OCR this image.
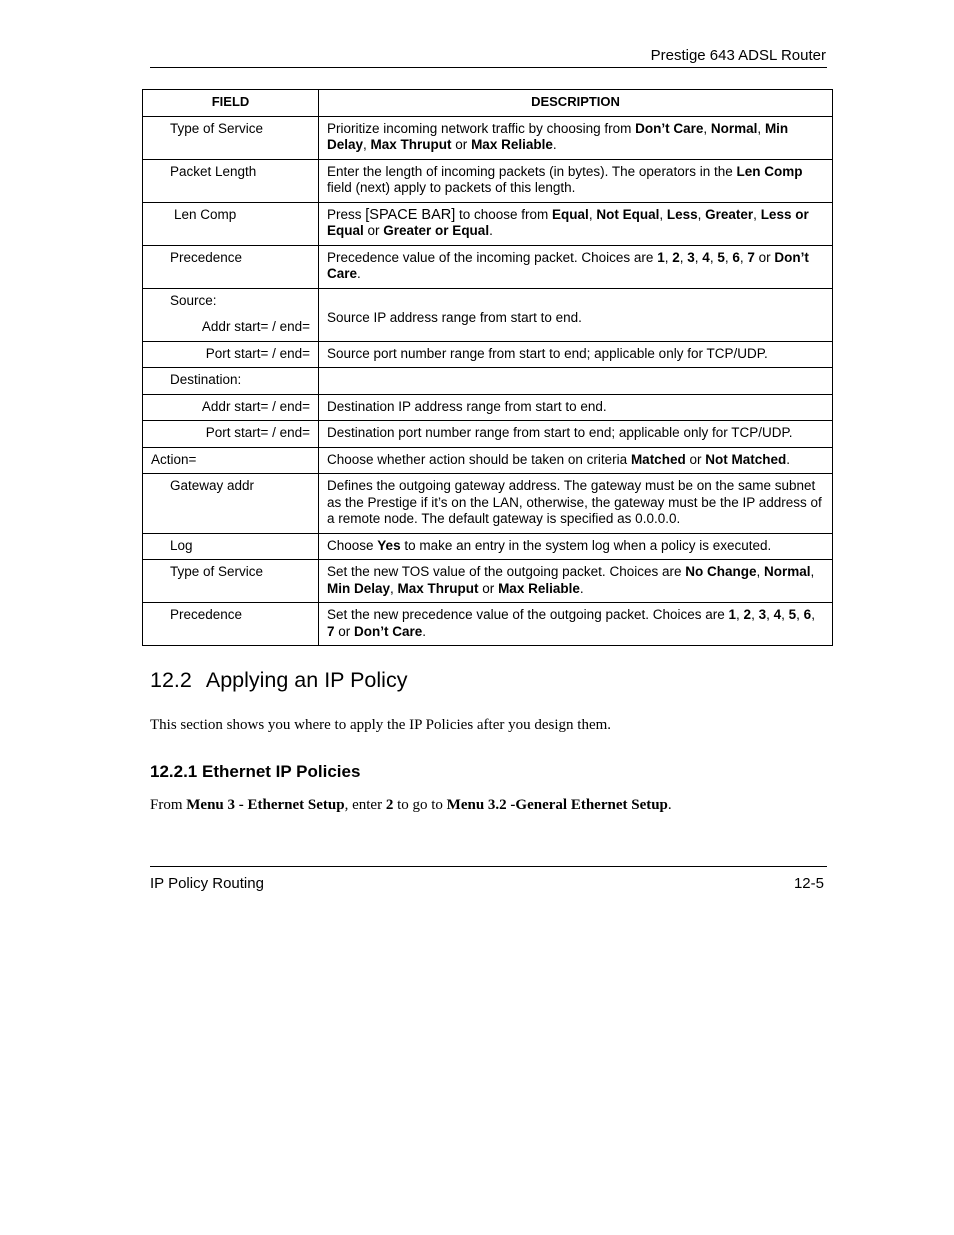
Prestige 643 ADSL Router
FIELD	DESCRIPTION

Type of Service	Prioritize incoming network traffic by choosing from Don’t Care, Normal, Min Delay, Max Thruput or Max Reliable.

Packet Length	Enter the length of incoming packets (in bytes). The operators in the Len Comp field (next) apply to packets of this length.

Len Comp	Press [SPACE BAR] to choose from Equal, Not Equal, Less, Greater, Less or Equal or Greater or Equal.

Precedence	Precedence value of the incoming packet. Choices are 1, 2, 3, 4, 5, 6, 7 or Don’t Care.

Source:
Addr start= / end=	Source IP address range from start to end.

Port start= / end=	Source port number range from start to end; applicable only for TCP/UDP.

Destination:	

Addr start= / end=	Destination IP address range from start to end.

Port start= / end=	Destination port number range from start to end; applicable only for TCP/UDP.
Action=	Choose whether action should be taken on criteria Matched or Not Matched.

Gateway addr	Defines the outgoing gateway address. The gateway must be on the same subnet as the Prestige if it’s on the LAN, otherwise, the gateway must be the IP address of a remote node. The default gateway is specified as 0.0.0.0.

Log	Choose Yes to make an entry in the system log when a policy is executed.

Type of Service	Set the new TOS value of the outgoing packet. Choices are No Change, Normal, Min Delay, Max Thruput or Max Reliable.

Precedence	Set the new precedence value of the outgoing packet. Choices are 1, 2, 3, 4, 5, 6, 7 or Don’t Care.
12.2 Applying an IP Policy

This section shows you where to apply the IP Policies after you design them.

12.2.1 Ethernet IP Policies

From Menu 3 - Ethernet Setup, enter 2 to go to Menu 3.2 -General Ethernet Setup.

IP Policy Routing	12-5
